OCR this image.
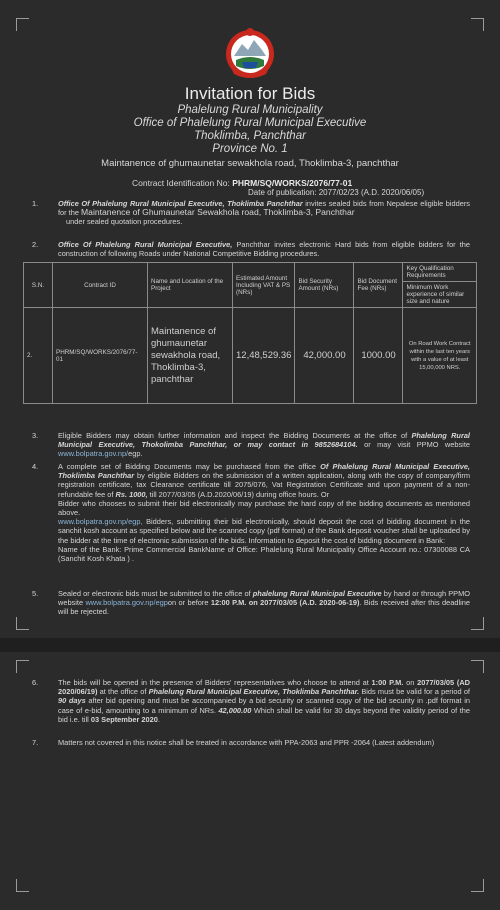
Invitation for Bids
Phalelung Rural Municipality
Office of Phalelung Rural Municipal Executive
Thoklimba, Panchthar
Province No. 1
Maintanence of ghumaunetar sewakhola road, Thoklimba-3, panchthar
Contract Identification No: PHRM/SQ/WORKS/2076/77-01
Date of publication: 2077/02/23 (A.D. 2020/06/05)
1.	Office Of Phalelung Rural Municipal Executive, Thoklimba Panchthar invites sealed bids from Nepalese eligible bidders for the Maintanence of Ghumaunetar Sewakhola road, Thoklimba-3, Panchthar
under sealed quotation procedures.
2.	Office Of Phalelung Rural Municipal Executive, Panchthar invites electronic Hard bids from eligible bidders for the construction of following Roads under National Competitive Bidding procedures.
S.N.	Contract ID	Name and Location of the Project	Estimated Amount Including VAT & PS (NRs)	Bid Security Amount (NRs)	Bid Document Fee (NRs)	Key Qualification Requirements
						Minimum Work experience of similar size and nature
2.	PHRM/SQ/WORKS/2076/77-01	Maintanence of ghumaunetar sewakhola road, Thoklimba-3, panchthar	12,48,529.36	42,000.00	1000.00	On Road Work Contract within the last ten years with a value of at least 15,00,000 NRS.
3.	Eligible Bidders may obtain further information and inspect the Bidding Documents at the office of Phalelung Rural Municipal Executive, Thokolimba Panchthar, or may contact in 9852684104. or may visit PPMO website www.bolpatra.gov.np/egp.
4.	A complete set of Bidding Documents may be purchased from the office Of Phalelung Rural Municipal Executive, Thoklimba Panchthar by eligible Bidders on the submission of a written application, along with the copy of company/firm registration certificate, tax Clearance certificate till 2075/076, Vat Registration Certificate and upon payment of a non-refundable fee of Rs. 1000, till 2077/03/05 (A.D.2020/06/19) during office hours. Or
Bidder who chooses to submit their bid electronically may purchase the hard copy of the bidding documents as mentioned above.
www.bolpatra.gov.np/egp, Bidders, submitting their bid electronically, should deposit the cost of bidding document in the sanchit kosh account as specified below and the scanned copy (pdf format) of the Bank deposit voucher shall be uploaded by the bidder at the time of electronic submission of the bids. Information to deposit the cost of bidding document in Bank:
Name of the Bank: Prime Commercial BankName of Office: Phalelung Rural Municipality Office Account no.: 07300088 CA (Sanchit Kosh Khata ) .
5.	Sealed or electronic bids must be submitted to the office of phalelung Rural Municipal Executive by hand or through PPMO website www.bolpatra.gov.np/egpon or before 12:00 P.M. on 2077/03/05 (A.D. 2020-06-19). Bids received after this deadline will be rejected.
6.	The bids will be opened in the presence of Bidders' representatives who choose to attend at 1:00 P.M. on 2077/03/05 (AD 2020/06/19) at the office of Phalelung Rural Municipal Executive, Thoklimba Panchthar. Bids must be valid for a period of 90 days after bid opening and must be accompanied by a bid security or scanned copy of the bid security in .pdf format in case of e-bid, amounting to a minimum of NRs. 42,000.00 Which shall be valid for 30 days beyond the validity period of the bid i.e. till 03 September 2020.
7.	Matters not covered in this notice shall be treated in accordance with PPA-2063 and PPR -2064 (Latest addendum)
